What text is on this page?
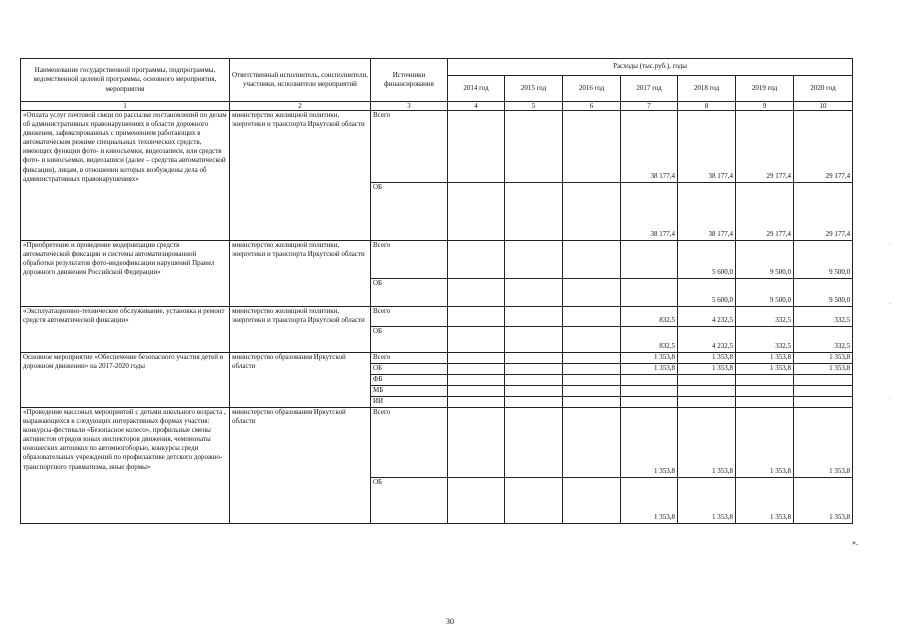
Наименование государственной программы, подпрограммы, ведомственной целевой программы, основного мероприятия, мероприятия	Ответственный исполнитель, соисполнители, участники, исполнители мероприятий	Источники финансирования	Расходы (тыс.руб.), годы						
			2014 год	2015 год	2016 год	2017 год	2018 год	2019 год	2020 год
1	2	3	4	5	6	7	8	9	10
«Оплата услуг почтовой связи по рассылке постановлений по делам об административных правонарушениях в области дорожного движения, зафиксированных с применением работающих в автоматическом режиме специальных технических средств, имеющих функции фото- и киносъемки, видеозаписи, или средств фото- и киносъемки, видеозаписи (далее – средства автоматической фиксации), лицам, в отношении которых возбуждены дела об административных правонарушениях»	министерство жилищной политики, энергетики и транспорта Иркутской области	Всего				38 177,4	38 177,4	29 177,4	29 177,4
		ОБ				38 177,4	38 177,4	29 177,4	29 177,4
«Приобретение и проведение модернизации средств автоматической фиксации и системы автоматизированной обработки результатов фото-видеофиксации нарушений Правил дорожного движения Российской Федерации»	министерство жилищной политики, энергетики и транспорта Иркутской области	Всего					5 600,0	9 500,0	9 500,0
		ОБ					5 600,0	9 500,0	9 500,0
«Эксплуатационно-техническое обслуживание, установка и ремонт средств автоматической фиксации»	министерство жилищной политики, энергетики и транспорта Иркутской области	Всего				832,5	4 232,5	332,5	332,5
		ОБ				832,5	4 232,5	332,5	332,5
Основное мероприятие «Обеспечение безопасного участия детей в дорожном движении» на 2017-2020 годы	министерство образования Иркутской области	Всего				1 353,8	1 353,8	1 353,8	1 353,8
		ОБ				1 353,8	1 353,8	1 353,8	1 353,8
		ФБ							
		МБ							
		ИИ							
«Проведение массовых мероприятий с детьми школьного возраста , выражающихся в следующих интерактивных формах участия: конкурсы-фестивали «Безопасное колесо», профильные смены активистов отрядов юных инспекторов движения, чемпионаты юношеских автошкол по автомногоборью, конкурсы среди образовательных учреждений по профилактике детского дорожно-транспортного травматизма, иные формы»	министерство образования Иркутской области	Всего				1 353,8	1 353,8	1 353,8	1 353,8
		ОБ				1 353,8	1 353,8	1 353,8	1 353,8
».
30
·
·
·
